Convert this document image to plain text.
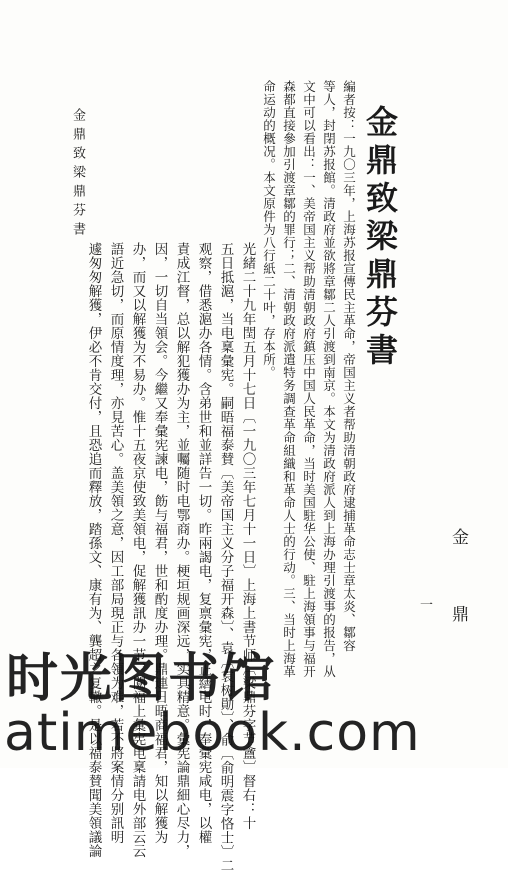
金鼎致梁鼎芬書
金 鼎
編者按：一九〇三年，上海苏报宣傳民主革命，帝国主义者帮助清朝政府逮捕革命志士章太炎、鄒容
等人，封閉苏报館。清政府並欲將章鄒二人引渡到南京。本文为清政府派人到上海办理引渡事的报告，从
文中可以看出：一、美帝国主义帮助清朝政府鎮压中国人民革命，当时美国駐华公使、駐上海領事与福开
森都直接參加引渡章鄒的罪行；二、清朝政府派遣特务調查革命組織和革命人士的行动。三、当时上海革
命运动的概况。本文原件为八行紙二十叶，存本所。
光緒二十九年閏五月十七日〔一九〇三年七月十一日〕上海上書节师〔梁鼎芬字节盦〕督右：十
五日抵滬，当电稟彙宪。嗣晤福泰賛〔美帝国主义分子福开森〕、袁〔袁树勛〕、俞〔俞明震字恪士〕二
观察，借悉滬办各情。含弟世和並詳告一切。昨兩謁电，复禀彙宪，正繕电时，奉彙宪咸电，以權
責成江督，总以解犯獲办为主，並囑随时电鄂商办。梗垣规画深远，实具精意。彙宪論鼎細心尽力，
因，一切自当領会。今繼又奉彙宪諫电，飭与福君，世和酌度办理。鼎連日晤商福君，知以解獲为
办，而又以解獲为不易办。惟十五夜京使致美領电，促解獲訊办一节，閱福上彙宪电稟請电外部云云
語近急切，而原情度理，亦見苦心。盖美領之意，因工部局現正与各領为难，若不將案情分别訊明
遽匆匆解獲，伊必不肯交付，且恐追而釋放，踏孫文、康有为、龔超之复轍。是以福泰賛聞美領議論
金鼎致梁鼎芬書
一
时光图书馆
atimebook.com
